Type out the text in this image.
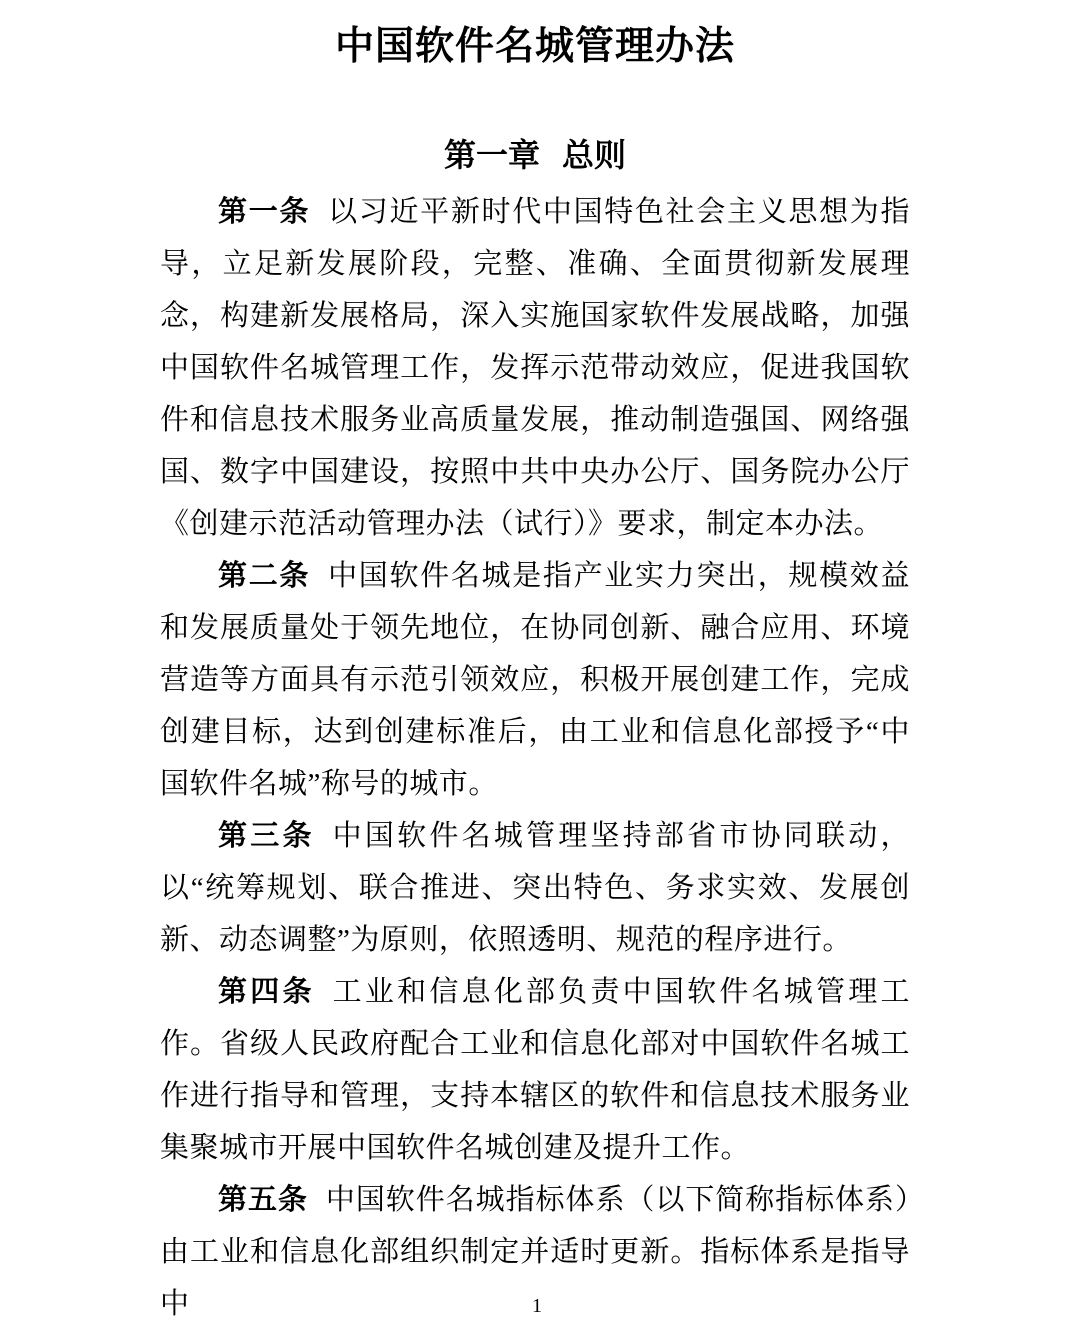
中国软件名城管理办法
第一章 总则

第一条 以习近平新时代中国特色社会主义思想为指导，立足新发展阶段，完整、准确、全面贯彻新发展理念，构建新发展格局，深入实施国家软件发展战略，加强中国软件名城管理工作，发挥示范带动效应，促进我国软件和信息技术服务业高质量发展，推动制造强国、网络强国、数字中国建设，按照中共中央办公厅、国务院办公厅《创建示范活动管理办法（试行）》要求，制定本办法。

第二条 中国软件名城是指产业实力突出，规模效益和发展质量处于领先地位，在协同创新、融合应用、环境营造等方面具有示范引领效应，积极开展创建工作，完成创建目标，达到创建标准后，由工业和信息化部授予“中国软件名城”称号的城市。

第三条 中国软件名城管理坚持部省市协同联动，以“统筹规划、联合推进、突出特色、务求实效、发展创新、动态调整”为原则，依照透明、规范的程序进行。

第四条 工业和信息化部负责中国软件名城管理工作。省级人民政府配合工业和信息化部对中国软件名城工作进行指导和管理，支持本辖区的软件和信息技术服务业集聚城市开展中国软件名城创建及提升工作。

第五条 中国软件名城指标体系（以下简称指标体系）由工业和信息化部组织制定并适时更新。指标体系是指导中	1
